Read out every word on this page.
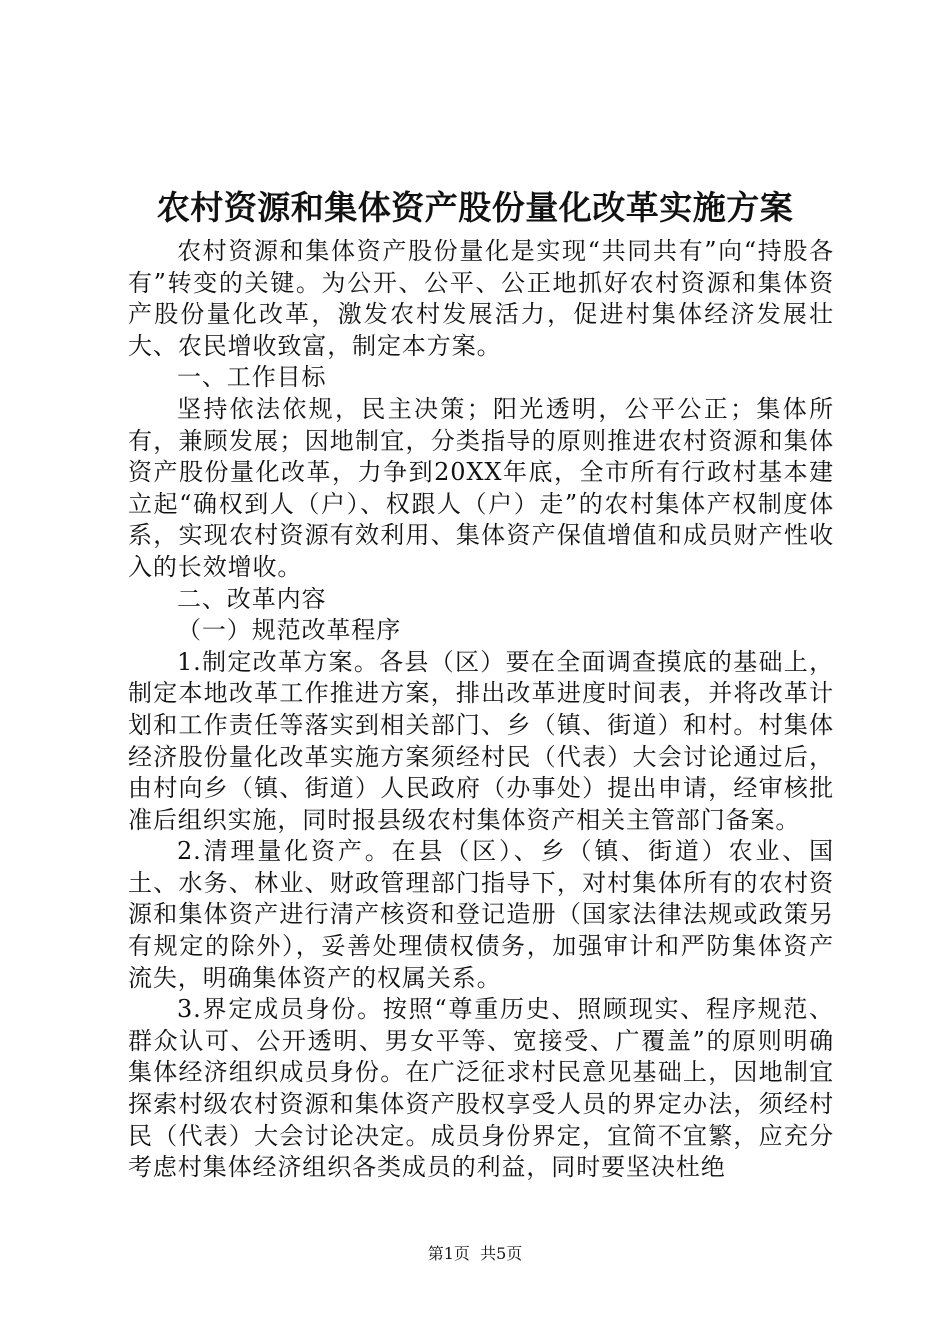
农村资源和集体资产股份量化改革实施方案

农村资源和集体资产股份量化是实现“共同共有”向“持股各有”转变的关键。为公开、公平、公正地抓好农村资源和集体资产股份量化改革，激发农村发展活力，促进村集体经济发展壮大、农民增收致富，制定本方案。

一、工作目标

坚持依法依规，民主决策；阳光透明，公平公正；集体所有，兼顾发展；因地制宜，分类指导的原则推进农村资源和集体资产股份量化改革，力争到20XX年底，全市所有行政村基本建立起“确权到人（户）、权跟人（户）走”的农村集体产权制度体系，实现农村资源有效利用、集体资产保值增值和成员财产性收入的长效增收。

二、改革内容

（一）规范改革程序

1.制定改革方案。各县（区）要在全面调查摸底的基础上，制定本地改革工作推进方案，排出改革进度时间表，并将改革计划和工作责任等落实到相关部门、乡（镇、街道）和村。村集体经济股份量化改革实施方案须经村民（代表）大会讨论通过后，由村向乡（镇、街道）人民政府（办事处）提出申请，经审核批准后组织实施，同时报县级农村集体资产相关主管部门备案。

2.清理量化资产。在县（区）、乡（镇、街道）农业、国土、水务、林业、财政管理部门指导下，对村集体所有的农村资源和集体资产进行清产核资和登记造册（国家法律法规或政策另有规定的除外），妥善处理债权债务，加强审计和严防集体资产流失，明确集体资产的权属关系。

3.界定成员身份。按照“尊重历史、照顾现实、程序规范、群众认可、公开透明、男女平等、宽接受、广覆盖”的原则明确集体经济组织成员身份。在广泛征求村民意见基础上，因地制宜探索村级农村资源和集体资产股权享受人员的界定办法，须经村民（代表）大会讨论决定。成员身份界定，宜简不宜繁，应充分考虑村集体经济组织各类成员的利益，同时要坚决杜绝

第1页 共5页
